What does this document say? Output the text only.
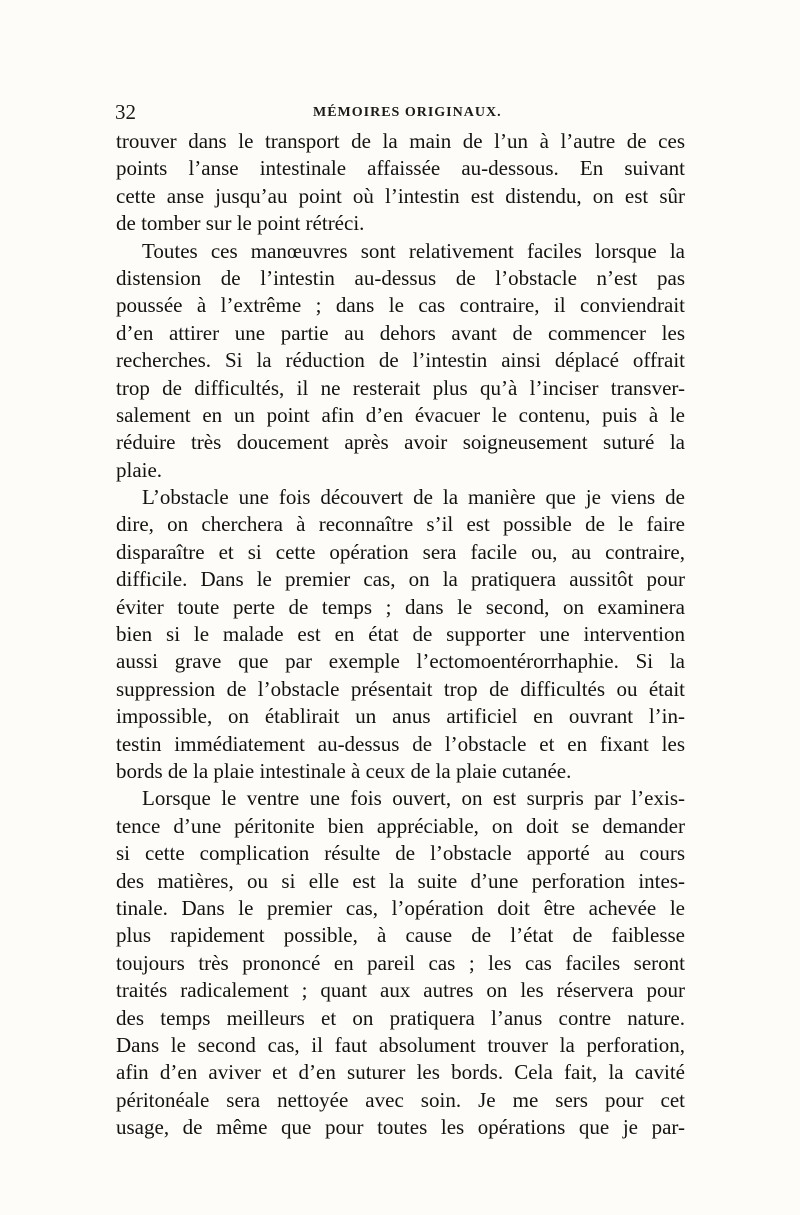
32	MÉMOIRES ORIGINAUX.
trouver dans le transport de la main de l’un à l’autre de ces
points l’anse intestinale affaissée au-dessous. En suivant
cette anse jusqu’au point où l’intestin est distendu, on est sûr
de tomber sur le point rétréci.
Toutes ces manœuvres sont relativement faciles lorsque la
distension de l’intestin au-dessus de l’obstacle n’est pas
poussée à l’extrême ; dans le cas contraire, il conviendrait
d’en attirer une partie au dehors avant de commencer les
recherches. Si la réduction de l’intestin ainsi déplacé offrait
trop de difficultés, il ne resterait plus qu’à l’inciser transver-
salement en un point afin d’en évacuer le contenu, puis à le
réduire très doucement après avoir soigneusement suturé la
plaie.
L’obstacle une fois découvert de la manière que je viens de
dire, on cherchera à reconnaître s’il est possible de le faire
disparaître et si cette opération sera facile ou, au contraire,
difficile. Dans le premier cas, on la pratiquera aussitôt pour
éviter toute perte de temps ; dans le second, on examinera
bien si le malade est en état de supporter une intervention
aussi grave que par exemple l’ectomoentérorrhaphie. Si la
suppression de l’obstacle présentait trop de difficultés ou était
impossible, on établirait un anus artificiel en ouvrant l’in-
testin immédiatement au-dessus de l’obstacle et en fixant les
bords de la plaie intestinale à ceux de la plaie cutanée.
Lorsque le ventre une fois ouvert, on est surpris par l’exis-
tence d’une péritonite bien appréciable, on doit se demander
si cette complication résulte de l’obstacle apporté au cours
des matières, ou si elle est la suite d’une perforation intes-
tinale. Dans le premier cas, l’opération doit être achevée le
plus rapidement possible, à cause de l’état de faiblesse
toujours très prononcé en pareil cas ; les cas faciles seront
traités radicalement ; quant aux autres on les réservera pour
des temps meilleurs et on pratiquera l’anus contre nature.
Dans le second cas, il faut absolument trouver la perforation,
afin d’en aviver et d’en suturer les bords. Cela fait, la cavité
péritonéale sera nettoyée avec soin. Je me sers pour cet
usage, de même que pour toutes les opérations que je par-
